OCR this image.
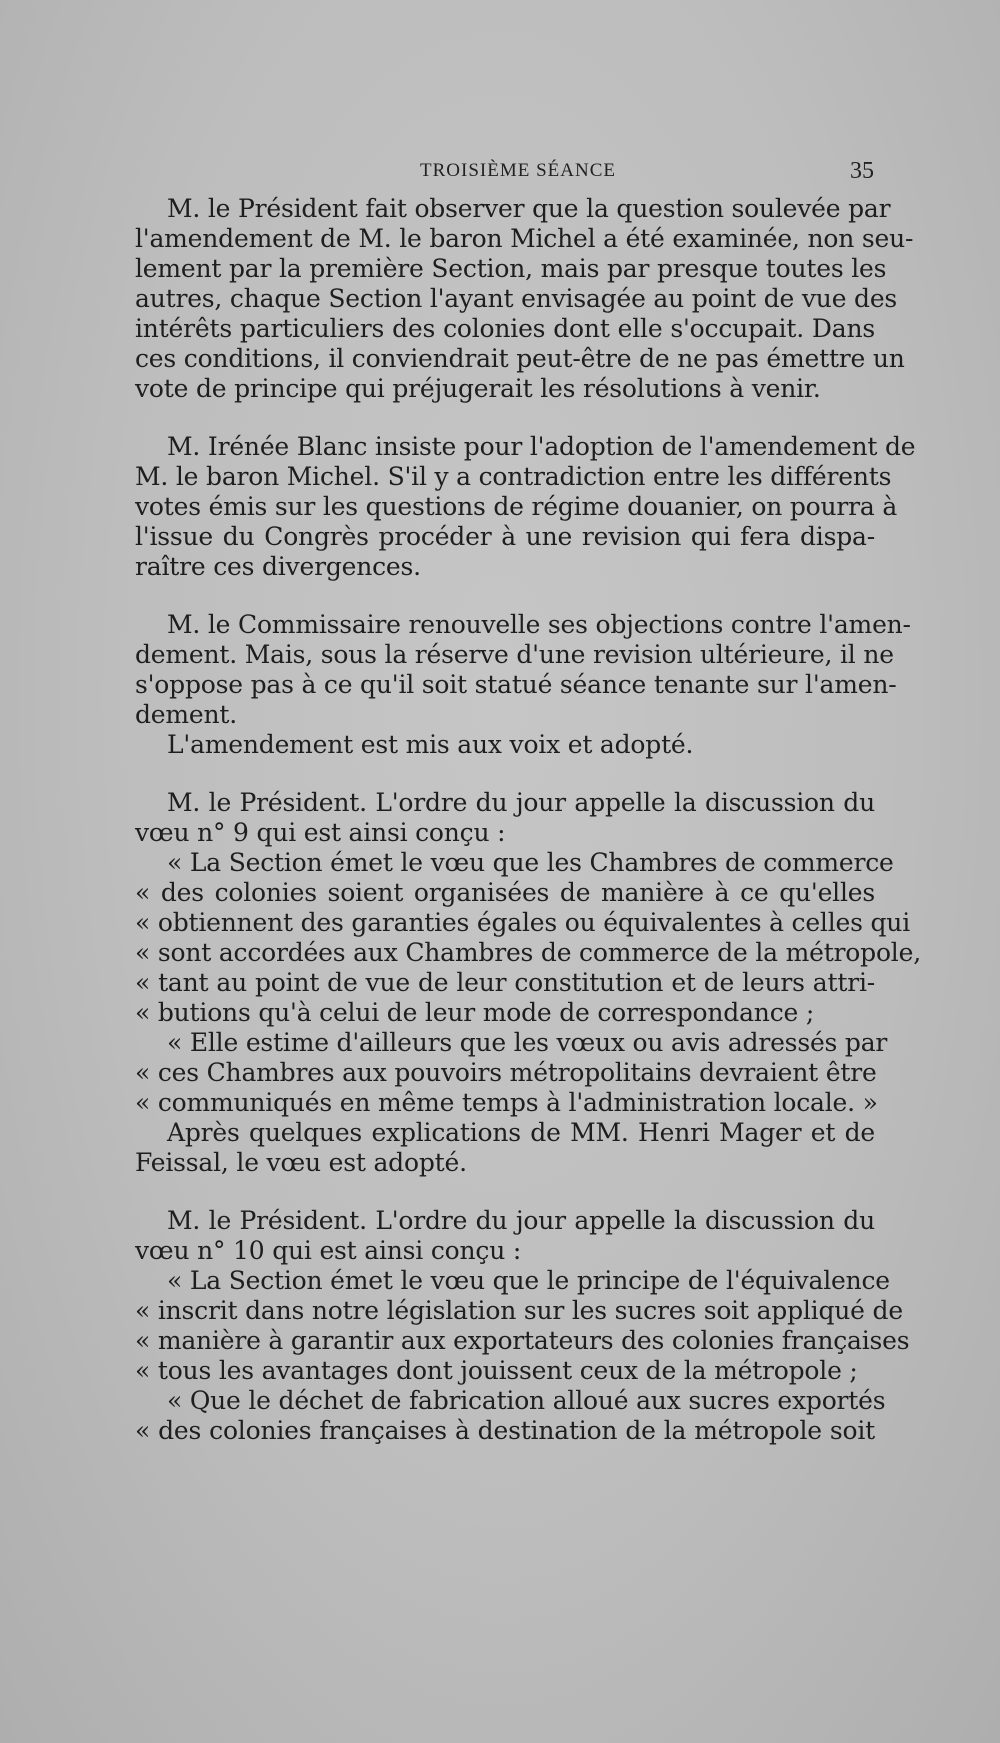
TROISIÈME SÉANCE	35
M. le Président fait observer que la question soulevée par
l'amendement de M. le baron Michel a été examinée, non seu-
lement par la première Section, mais par presque toutes les
autres, chaque Section l'ayant envisagée au point de vue des
intérêts particuliers des colonies dont elle s'occupait. Dans
ces conditions, il conviendrait peut-être de ne pas émettre un
vote de principe qui préjugerait les résolutions à venir.
M. Irénée Blanc insiste pour l'adoption de l'amendement de
M. le baron Michel. S'il y a contradiction entre les différents
votes émis sur les questions de régime douanier, on pourra à
l'issue du Congrès procéder à une revision qui fera dispa-
raître ces divergences.
M. le Commissaire renouvelle ses objections contre l'amen-
dement. Mais, sous la réserve d'une revision ultérieure, il ne
s'oppose pas à ce qu'il soit statué séance tenante sur l'amen-
dement.
L'amendement est mis aux voix et adopté.
M. le Président. L'ordre du jour appelle la discussion du
vœu n° 9 qui est ainsi conçu :
« La Section émet le vœu que les Chambres de commerce
« des colonies soient organisées de manière à ce qu'elles
« obtiennent des garanties égales ou équivalentes à celles qui
« sont accordées aux Chambres de commerce de la métropole,
« tant au point de vue de leur constitution et de leurs attri-
« butions qu'à celui de leur mode de correspondance ;
« Elle estime d'ailleurs que les vœux ou avis adressés par
« ces Chambres aux pouvoirs métropolitains devraient être
« communiqués en même temps à l'administration locale. »
Après quelques explications de MM. Henri Mager et de
Feissal, le vœu est adopté.
M. le Président. L'ordre du jour appelle la discussion du
vœu n° 10 qui est ainsi conçu :
« La Section émet le vœu que le principe de l'équivalence
« inscrit dans notre législation sur les sucres soit appliqué de
« manière à garantir aux exportateurs des colonies françaises
« tous les avantages dont jouissent ceux de la métropole ;
« Que le déchet de fabrication alloué aux sucres exportés
« des colonies françaises à destination de la métropole soit
